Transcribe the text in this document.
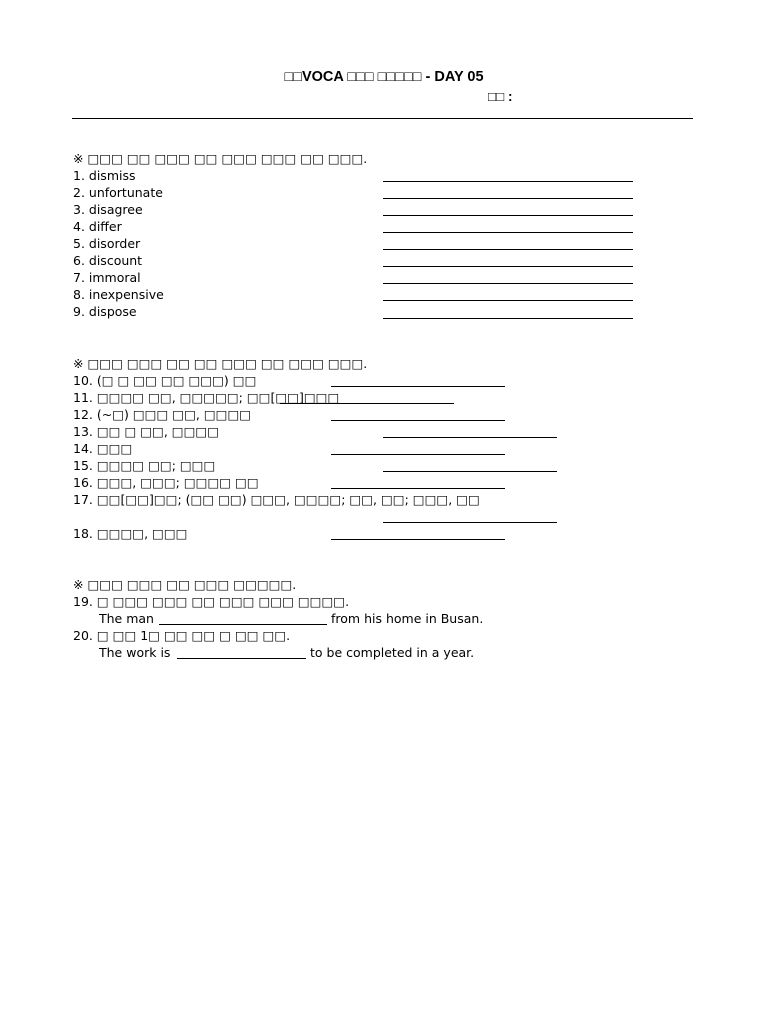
□□VOCA □□□ □□□□□ - DAY 05
□□ :
※ □□□ □□ □□□ □□ □□□ □□□ □□ □□□.
1. dismiss
2. unfortunate
3. disagree
4. differ
5. disorder
6. discount
7. immoral
8. inexpensive
9. dispose
※ □□□ □□□ □□ □□ □□□ □□ □□□ □□□.
10. (□ □ □□ □□ □□□) □□
11. □□□□ □□, □□□□□; □□[□□]□□□
12. (~□) □□□ □□, □□□□
13. □□ □ □□, □□□□
14. □□□
15. □□□□ □□; □□□
16. □□□, □□□; □□□□ □□
17. □□[□□]□□; (□□ □□) □□□, □□□□; □□, □□; □□□, □□
18. □□□□, □□□
※ □□□ □□□ □□ □□□ □□□□□.
19. □ □□□ □□□ □□ □□□ □□□ □□□□.
The man	from his home in Busan.
20. □ □□ 1□ □□ □□ □ □□ □□.
The work is	to be completed in a year.
